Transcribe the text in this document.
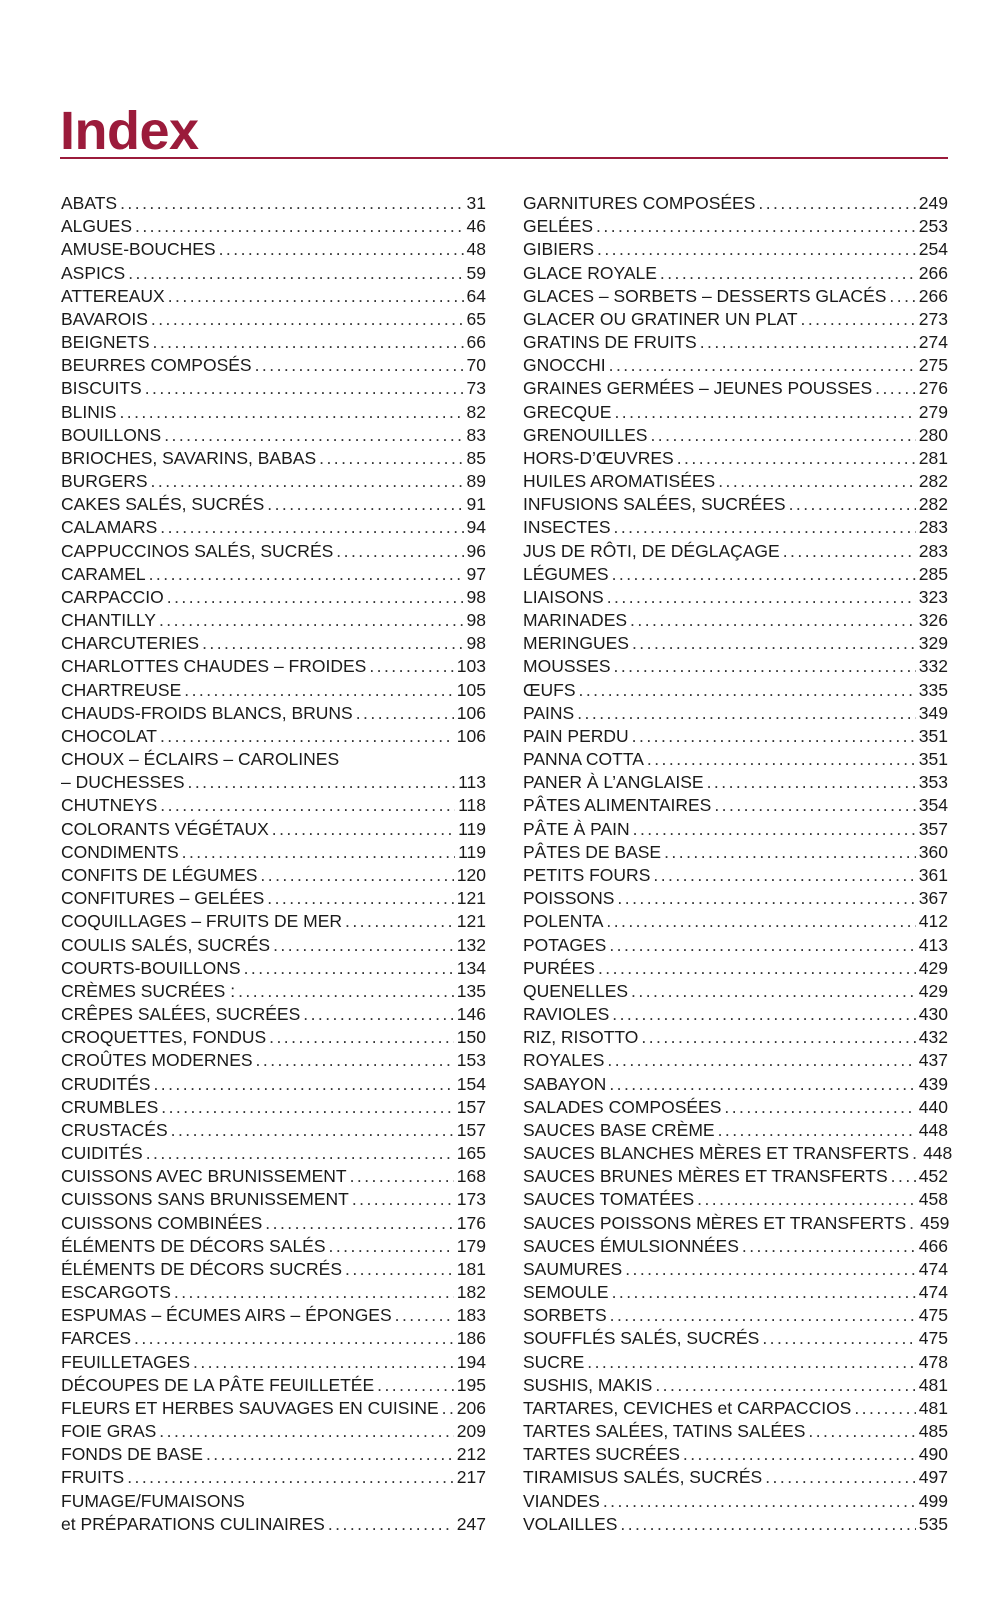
Index
ABATS . . .	31
ALGUES . . .	46
AMUSE-BOUCHES . . .	48
ASPICS . . .	59
ATTEREAUX . . .	64
BAVAROIS . . .	65
BEIGNETS . . .	66
BEURRES COMPOSÉS . . .	70
BISCUITS . . .	73
BLINIS . . .	82
BOUILLONS . . .	83
BRIOCHES, SAVARINS, BABAS . . .	85
BURGERS . . .	89
CAKES SALÉS, SUCRÉS . . .	91
CALAMARS . . .	94
CAPPUCCINOS SALÉS, SUCRÉS . . .	96
CARAMEL . . .	97
CARPACCIO . . .	98
CHANTILLY . . .	98
CHARCUTERIES . . .	98
CHARLOTTES CHAUDES – FROIDES . . .	103
CHARTREUSE . . .	105
CHAUDS-FROIDS BLANCS, BRUNS . . .	106
CHOCOLAT . . .	106
CHOUX – ÉCLAIRS – CAROLINES
– DUCHESSES . . .	113
CHUTNEYS . . .	118
COLORANTS VÉGÉTAUX . . .	119
CONDIMENTS . . .	119
CONFITS DE LÉGUMES . . .	120
CONFITURES – GELÉES . . .	121
COQUILLAGES – FRUITS DE MER . . .	121
COULIS SALÉS, SUCRÉS . . .	132
COURTS-BOUILLONS . . .	134
CRÈMES SUCRÉES : . . .	135
CRÊPES SALÉES, SUCRÉES . . .	146
CROQUETTES, FONDUS . . .	150
CROÛTES MODERNES . . .	153
CRUDITÉS . . .	154
CRUMBLES . . .	157
CRUSTACÉS . . .	157
CUIDITÉS . . .	165
CUISSONS AVEC BRUNISSEMENT . . .	168
CUISSONS SANS BRUNISSEMENT . . .	173
CUISSONS COMBINÉES . . .	176
ÉLÉMENTS DE DÉCORS SALÉS . . .	179
ÉLÉMENTS DE DÉCORS SUCRÉS . . .	181
ESCARGOTS . . .	182
ESPUMAS – ÉCUMES AIRS – ÉPONGES . . .	183
FARCES . . .	186
FEUILLETAGES . . .	194
DÉCOUPES DE LA PÂTE FEUILLETÉE . . .	195
FLEURS ET HERBES SAUVAGES EN CUISINE . . . 206
FOIE GRAS . . .	209
FONDS DE BASE . . .	212
FRUITS . . .	217
FUMAGE/FUMAISONS
et PRÉPARATIONS CULINAIRES . . .	247
GARNITURES COMPOSÉES . . .	249
GELÉES . . .	253
GIBIERS . . .	254
GLACE ROYALE . . .	266
GLACES – SORBETS – DESSERTS GLACÉS . . . 266
GLACER OU GRATINER UN PLAT . . .	273
GRATINS DE FRUITS . . .	274
GNOCCHI . . .	275
GRAINES GERMÉES – JEUNES POUSSES . . .	276
GRECQUE . . .	279
GRENOUILLES . . .	280
HORS-D’ŒUVRES . . .	281
HUILES AROMATISÉES . . .	282
INFUSIONS SALÉES, SUCRÉES . . .	282
INSECTES . . .	283
JUS DE RÔTI, DE DÉGLAÇAGE . . .	283
LÉGUMES . . .	285
LIAISONS . . .	323
MARINADES . . .	326
MERINGUES . . .	329
MOUSSES . . .	332
ŒUFS . . .	335
PAINS . . .	349
PAIN PERDU . . .	351
PANNA COTTA . . .	351
PANER À L’ANGLAISE . . .	353
PÂTES ALIMENTAIRES . . .	354
PÂTE À PAIN . . .	357
PÂTES DE BASE . . .	360
PETITS FOURS . . .	361
POISSONS . . .	367
POLENTA . . .	412
POTAGES . . .	413
PURÉES . . .	429
QUENELLES . . .	429
RAVIOLES . . .	430
RIZ, RISOTTO . . .	432
ROYALES . . .	437
SABAYON . . .	439
SALADES COMPOSÉES . . .	440
SAUCES BASE CRÈME . . .	448
SAUCES BLANCHES MÈRES ET TRANSFERTS . . . 448
SAUCES BRUNES MÈRES ET TRANSFERTS . . . 452
SAUCES TOMATÉES . . .	458
SAUCES POISSONS MÈRES ET TRANSFERTS . . . 459
SAUCES ÉMULSIONNÉES . . .	466
SAUMURES . . .	474
SEMOULE . . .	474
SORBETS . . .	475
SOUFFLÉS SALÉS, SUCRÉS . . .	475
SUCRE . . .	478
SUSHIS, MAKIS . . .	481
TARTARES, CEVICHES et CARPACCIOS . . .	481
TARTES SALÉES, TATINS SALÉES . . .	485
TARTES SUCRÉES . . .	490
TIRAMISUS SALÉS, SUCRÉS . . .	497
VIANDES . . .	499
VOLAILLES . . .	535
